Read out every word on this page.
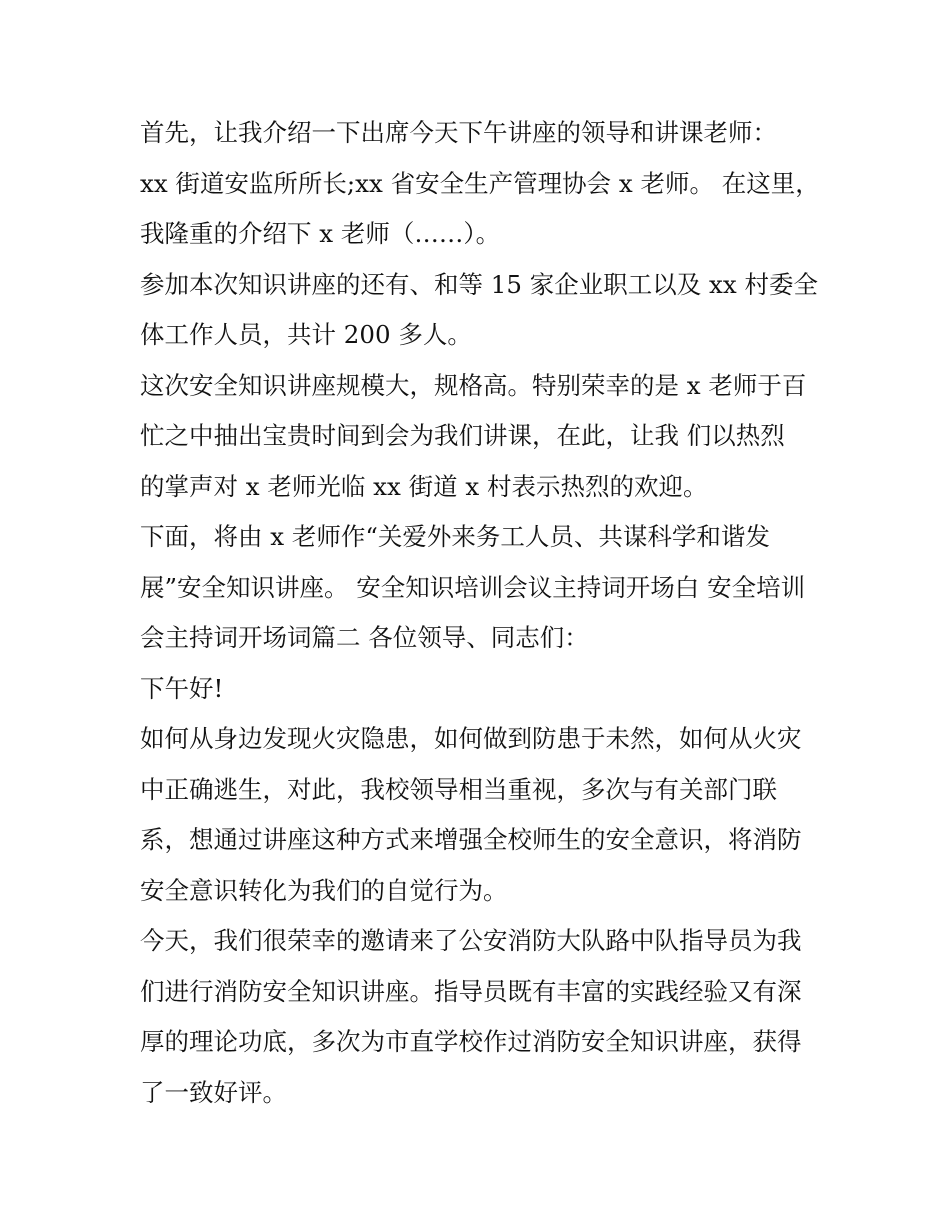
首先，让我介绍一下出席今天下午讲座的领导和讲课老师：
xx 街道安监所所长;xx 省安全生产管理协会 x 老师。 在这里，
我隆重的介绍下 x 老师（……）。

参加本次知识讲座的还有、和等 15 家企业职工以及 xx 村委全
体工作人员，共计 200 多人。

这次安全知识讲座规模大，规格高。特别荣幸的是 x 老师于百
忙之中抽出宝贵时间到会为我们讲课，在此，让我 们以热烈
的掌声对 x 老师光临 xx 街道 x 村表示热烈的欢迎。

下面，将由 x 老师作“关爱外来务工人员、共谋科学和谐发
展”安全知识讲座。 安全知识培训会议主持词开场白 安全培训
会主持词开场词篇二 各位领导、同志们：

下午好!

如何从身边发现火灾隐患，如何做到防患于未然，如何从火灾
中正确逃生，对此，我校领导相当重视，多次与有关部门联
系，想通过讲座这种方式来增强全校师生的安全意识，将消防
安全意识转化为我们的自觉行为。

今天，我们很荣幸的邀请来了公安消防大队路中队指导员为我
们进行消防安全知识讲座。指导员既有丰富的实践经验又有深
厚的理论功底，多次为市直学校作过消防安全知识讲座，获得
了一致好评。
